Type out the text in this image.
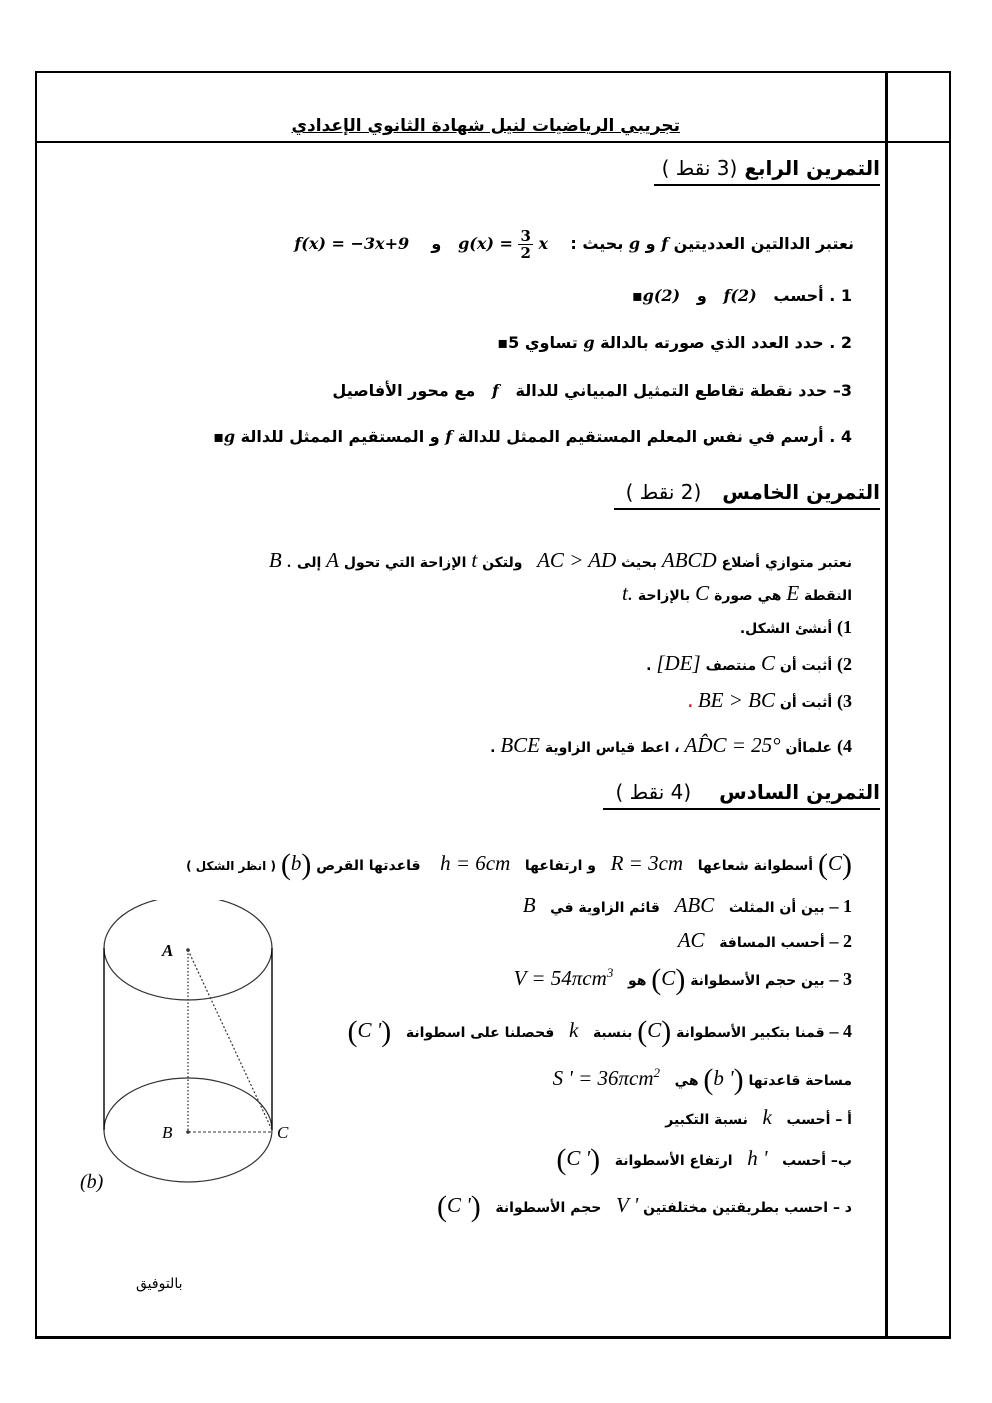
تجريبي الرياضيات لنيل شهادة الثانوي الإعدادي
التمرين الرابع (3 نقط )
نعتبر الدالتين العدديتين f و g بحيث :   $g(x) = \frac{3}{2}$ x    و    f(x) = −3x+9
1 . أحسب   f(2)   و   g(2)▪
2 . حدد العدد الذي صورته بالدالة g تساوي 5▪
3– حدد نقطة تقاطع التمثيل المبياني للدالة   f   مع محور الأفاصيل
4 . أرسم في نفس المعلم المستقيم الممثل للدالة f و المستقيم الممثل للدالة g▪
التمرين الخامس   (2 نقط )
نعتبر متوازي أضلاع ABCD بحيث AC > AD   ولتكن t الإزاحة التي تحول A إلى B .
النقطة E هي صورة C بالإزاحة t.
1) أنشئ الشكل.
2) أثبت أن C منتصف [DE] .
3) أثبت أن BE > BC .
4) علماأن AD̂C = 25° ، اعط قياس الزاوية BCE .
التمرين السادس    (4 نقط )
(C) أسطوانة شعاعها   R = 3cm   و ارتفاعها   h = 6cm    قاعدتها القرص (b) ( انظر الشكل )
1 – بين أن المثلث   ABC   قائم الزاوية في   B
2 – أحسب المسافة   AC
3 – بين حجم الأسطوانة (C) هو   V = 54πcm$^3$
4 – قمنا بتكبير الأسطوانة (C) بنسبة   k   فحصلنا على اسطوانة   (C ')
مساحة قاعدتها (b ') هي   S ' = 36πcm$^2$
أ – أحسب   k   نسبة التكبير
ب– أحسب   h '   ارتفاع الأسطوانة   (C ')
د – احسب بطريقتين مختلفتين V '   حجم الأسطوانة   (C ')
A
B	C
(b)
بالتوفيق
